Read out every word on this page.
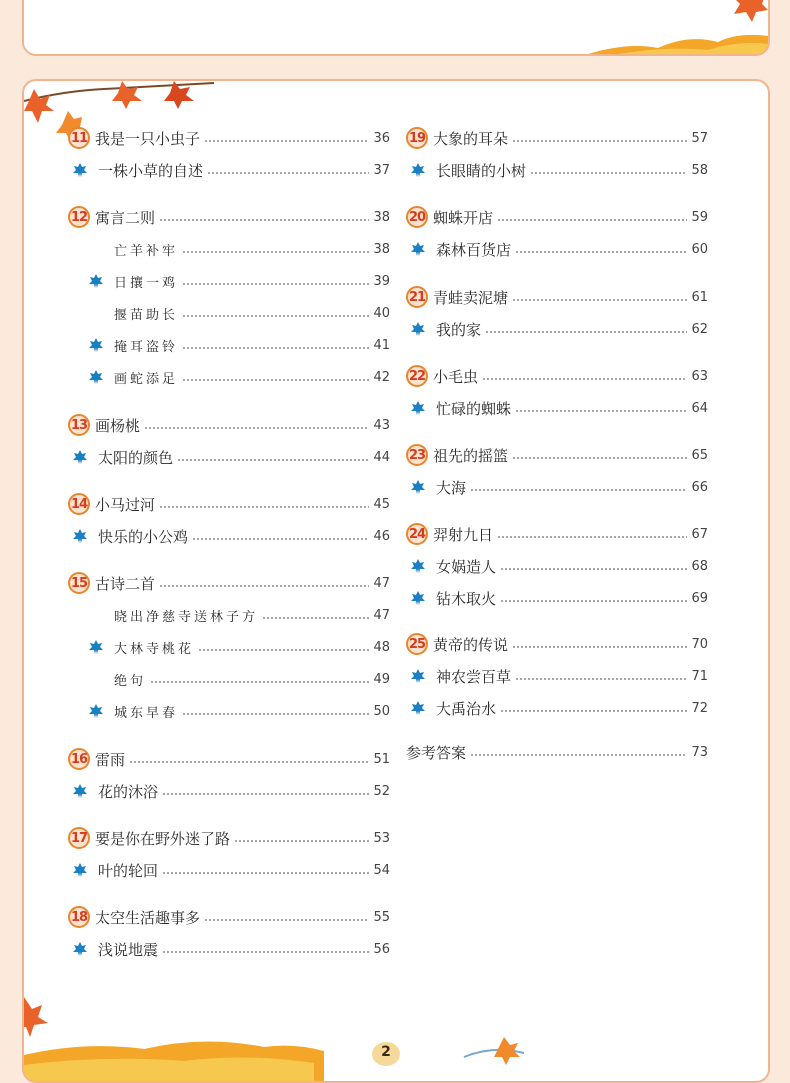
11 我是一只小虫子	36
一株小草的自述	37
12 寓言二则	38
亡羊补牢	38
日攘一鸡	39
揠苗助长	40
掩耳盗铃	41
画蛇添足	42
13 画杨桃	43
太阳的颜色	44
14 小马过河	45
快乐的小公鸡	46
15 古诗二首	47
晓出净慈寺送林子方	47
大林寺桃花	48
绝句	49
城东早春	50
16 雷雨	51
花的沐浴	52
17 要是你在野外迷了路	53
叶的轮回	54
18 太空生活趣事多	55
浅说地震	56
19 大象的耳朵	57
长眼睛的小树	58
20 蜘蛛开店	59
森林百货店	60
21 青蛙卖泥塘	61
我的家	62
22 小毛虫	63
忙碌的蜘蛛	64
23 祖先的摇篮	65
大海	66
24 羿射九日	67
女娲造人	68
钻木取火	69
25 黄帝的传说	70
神农尝百草	71
大禹治水	72
参考答案	73
2
